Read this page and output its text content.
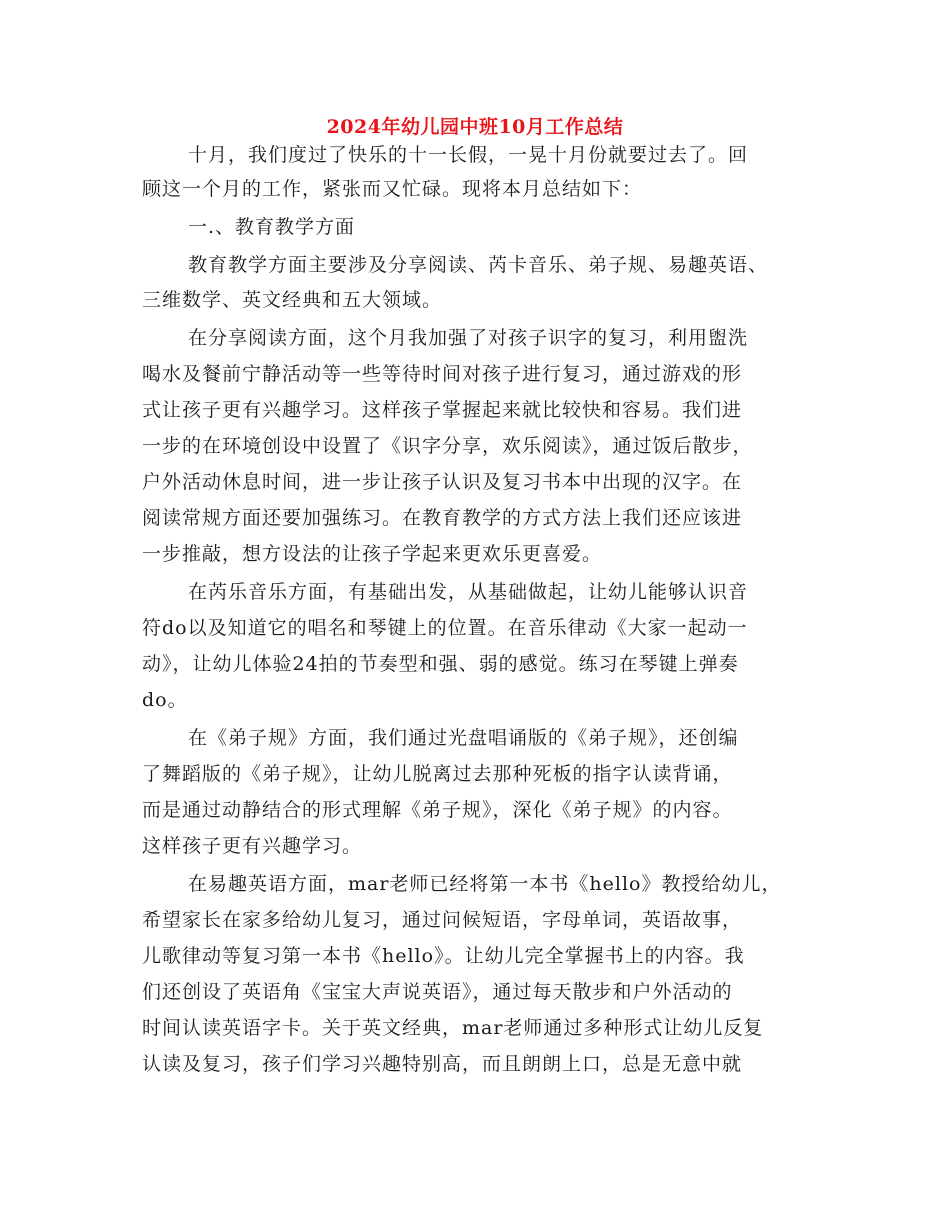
2024年幼儿园中班10月工作总结
十月，我们度过了快乐的十一长假，一晃十月份就要过去了。回
顾这一个月的工作，紧张而又忙碌。现将本月总结如下：
一.、教育教学方面
教育教学方面主要涉及分享阅读、芮卡音乐、弟子规、易趣英语、
三维数学、英文经典和五大领域。
在分享阅读方面，这个月我加强了对孩子识字的复习，利用盥洗
喝水及餐前宁静活动等一些等待时间对孩子进行复习，通过游戏的形
式让孩子更有兴趣学习。这样孩子掌握起来就比较快和容易。我们进
一步的在环境创设中设置了《识字分享，欢乐阅读》，通过饭后散步，
户外活动休息时间，进一步让孩子认识及复习书本中出现的汉字。在
阅读常规方面还要加强练习。在教育教学的方式方法上我们还应该进
一步推敲，想方设法的让孩子学起来更欢乐更喜爱。
在芮乐音乐方面，有基础出发，从基础做起，让幼儿能够认识音
符do以及知道它的唱名和琴键上的位置。在音乐律动《大家一起动一
动》，让幼儿体验24拍的节奏型和强、弱的感觉。练习在琴键上弹奏
do。
在《弟子规》方面，我们通过光盘唱诵版的《弟子规》，还创编
了舞蹈版的《弟子规》，让幼儿脱离过去那种死板的指字认读背诵，
而是通过动静结合的形式理解《弟子规》，深化《弟子规》的内容。
这样孩子更有兴趣学习。
在易趣英语方面，mar老师已经将第一本书《hello》教授给幼儿，
希望家长在家多给幼儿复习，通过问候短语，字母单词，英语故事，
儿歌律动等复习第一本书《hello》。让幼儿完全掌握书上的内容。我
们还创设了英语角《宝宝大声说英语》，通过每天散步和户外活动的
时间认读英语字卡。关于英文经典，mar老师通过多种形式让幼儿反复
认读及复习，孩子们学习兴趣特别高，而且朗朗上口，总是无意中就
